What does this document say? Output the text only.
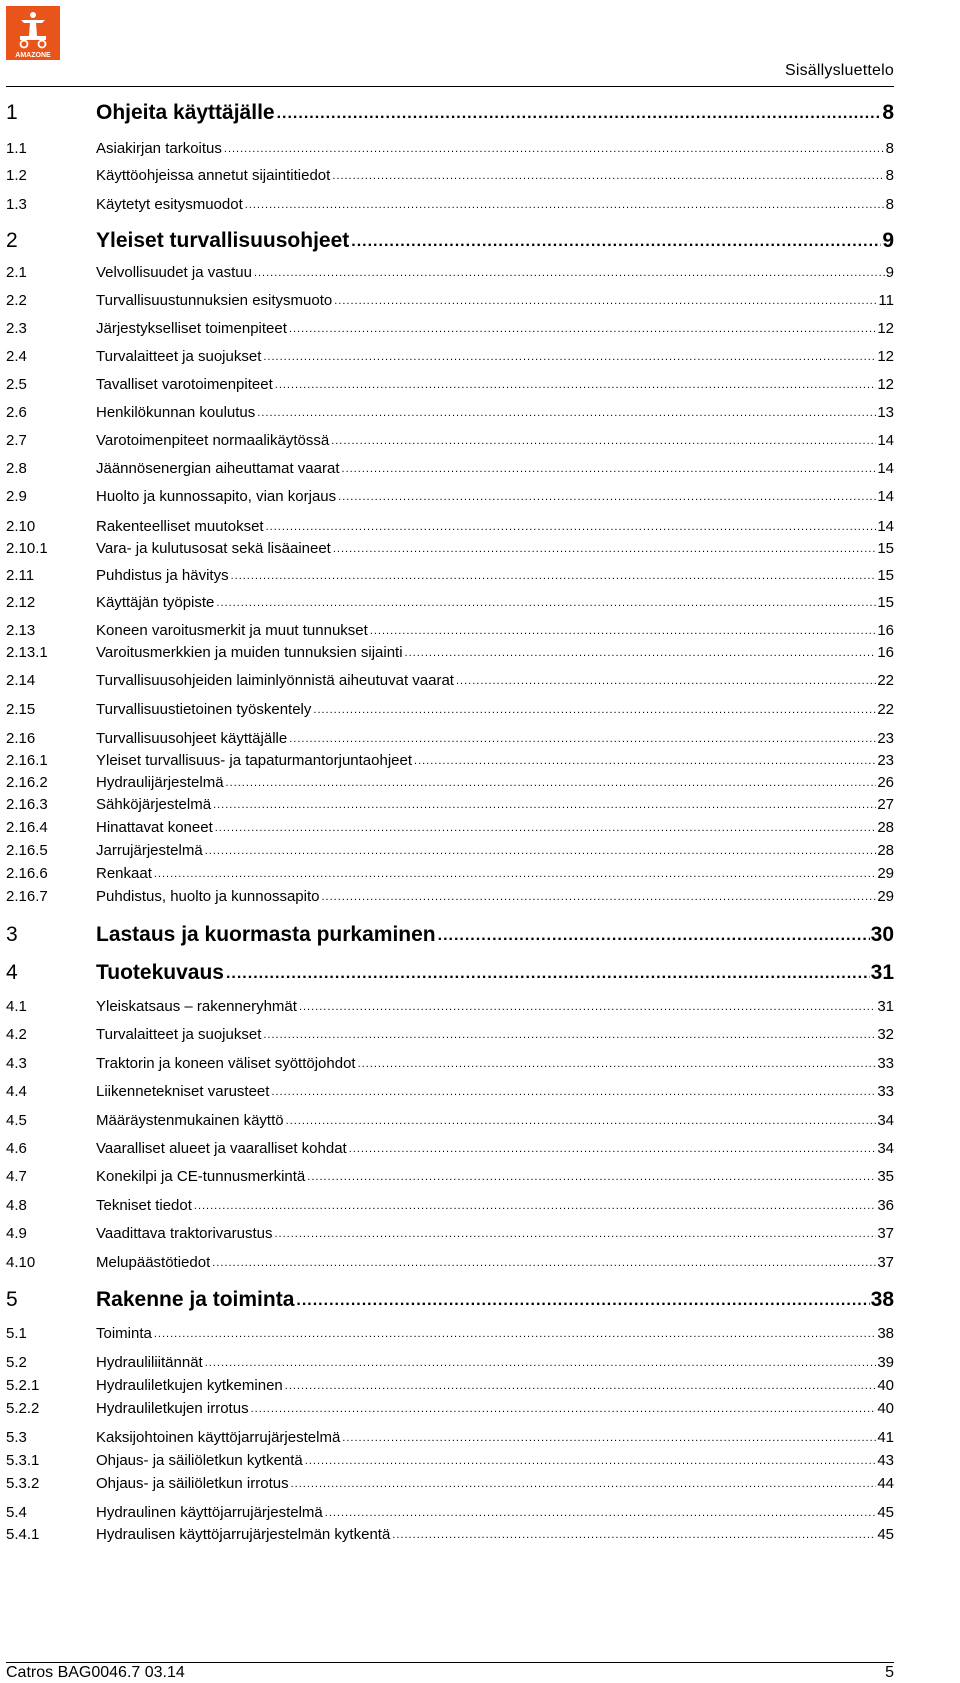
AMAZONE
Sisällysluettelo
1	Ohjeita käyttäjälle .....	8
1.1	Asiakirjan tarkoitus .....	8
1.2	Käyttöohjeissa annetut sijaintitiedot .....	8
1.3	Käytetyt esitysmuodot .....	8
2	Yleiset turvallisuusohjeet .....	9
2.1	Velvollisuudet ja vastuu .....	9
2.2	Turvallisuustunnuksien esitysmuoto .....	11
2.3	Järjestykselliset toimenpiteet .....	12
2.4	Turvalaitteet ja suojukset .....	12
2.5	Tavalliset varotoimenpiteet .....	12
2.6	Henkilökunnan koulutus .....	13
2.7	Varotoimenpiteet normaalikäytössä .....	14
2.8	Jäännösenergian aiheuttamat vaarat .....	14
2.9	Huolto ja kunnossapito, vian korjaus .....	14
2.10	Rakenteelliset muutokset .....	14
2.10.1	Vara- ja kulutusosat sekä lisäaineet .....	15
2.11	Puhdistus ja hävitys .....	15
2.12	Käyttäjän työpiste .....	15
2.13	Koneen varoitusmerkit ja muut tunnukset .....	16
2.13.1	Varoitusmerkkien ja muiden tunnuksien sijainti .....	16
2.14	Turvallisuusohjeiden laiminlyönnistä aiheutuvat vaarat .....	22
2.15	Turvallisuustietoinen työskentely .....	22
2.16	Turvallisuusohjeet käyttäjälle .....	23
2.16.1	Yleiset turvallisuus- ja tapaturmantorjuntaohjeet .....	23
2.16.2	Hydraulijärjestelmä .....	26
2.16.3	Sähköjärjestelmä .....	27
2.16.4	Hinattavat koneet .....	28
2.16.5	Jarrujärjestelmä .....	28
2.16.6	Renkaat .....	29
2.16.7	Puhdistus, huolto ja kunnossapito .....	29
3	Lastaus ja kuormasta purkaminen .....	30
4	Tuotekuvaus .....	31
4.1	Yleiskatsaus – rakenneryhmät .....	31
4.2	Turvalaitteet ja suojukset .....	32
4.3	Traktorin ja koneen väliset syöttöjohdot .....	33
4.4	Liikennetekniset varusteet .....	33
4.5	Määräystenmukainen käyttö .....	34
4.6	Vaaralliset alueet ja vaaralliset kohdat .....	34
4.7	Konekilpi ja CE-tunnusmerkintä .....	35
4.8	Tekniset tiedot .....	36
4.9	Vaadittava traktorivarustus .....	37
4.10	Melupäästötiedot .....	37
5	Rakenne ja toiminta .....	38
5.1	Toiminta .....	38
5.2	Hydrauliliitännät .....	39
5.2.1	Hydrauliletkujen kytkeminen .....	40
5.2.2	Hydrauliletkujen irrotus .....	40
5.3	Kaksijohtoinen käyttöjarrujärjestelmä .....	41
5.3.1	Ohjaus- ja säiliöletkun kytkentä .....	43
5.3.2	Ohjaus- ja säiliöletkun irrotus .....	44
5.4	Hydraulinen käyttöjarrujärjestelmä .....	45
5.4.1	Hydraulisen käyttöjarrujärjestelmän kytkentä .....	45
Catros BAG0046.7 03.14	5
